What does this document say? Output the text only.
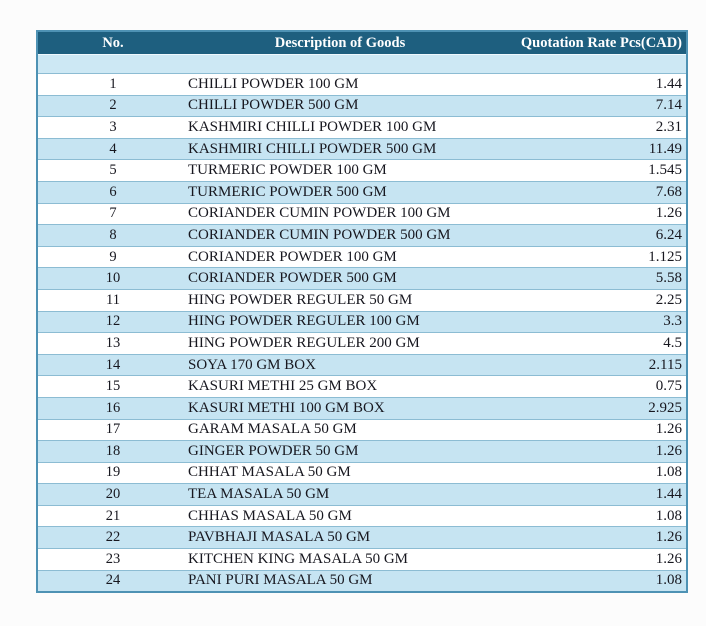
No.	Description of Goods	Quotation Rate Pcs(CAD)
1	CHILLI POWDER 100 GM	1.44
2	CHILLI POWDER 500 GM	7.14
3	KASHMIRI CHILLI POWDER 100 GM	2.31
4	KASHMIRI CHILLI POWDER 500 GM	11.49
5	TURMERIC POWDER 100 GM	1.545
6	TURMERIC POWDER 500 GM	7.68
7	CORIANDER CUMIN POWDER 100 GM	1.26
8	CORIANDER CUMIN POWDER 500 GM	6.24
9	CORIANDER POWDER 100 GM	1.125
10	CORIANDER POWDER 500 GM	5.58
11	HING POWDER REGULER 50 GM	2.25
12	HING POWDER REGULER 100 GM	3.3
13	HING POWDER REGULER 200 GM	4.5
14	SOYA 170 GM BOX	2.115
15	KASURI METHI 25 GM BOX	0.75
16	KASURI METHI 100 GM BOX	2.925
17	GARAM MASALA 50 GM	1.26
18	GINGER POWDER 50 GM	1.26
19	CHHAT MASALA 50 GM	1.08
20	TEA MASALA 50 GM	1.44
21	CHHAS MASALA 50 GM	1.08
22	PAVBHAJI MASALA 50 GM	1.26
23	KITCHEN KING MASALA 50 GM	1.26
24	PANI PURI MASALA 50 GM	1.08
